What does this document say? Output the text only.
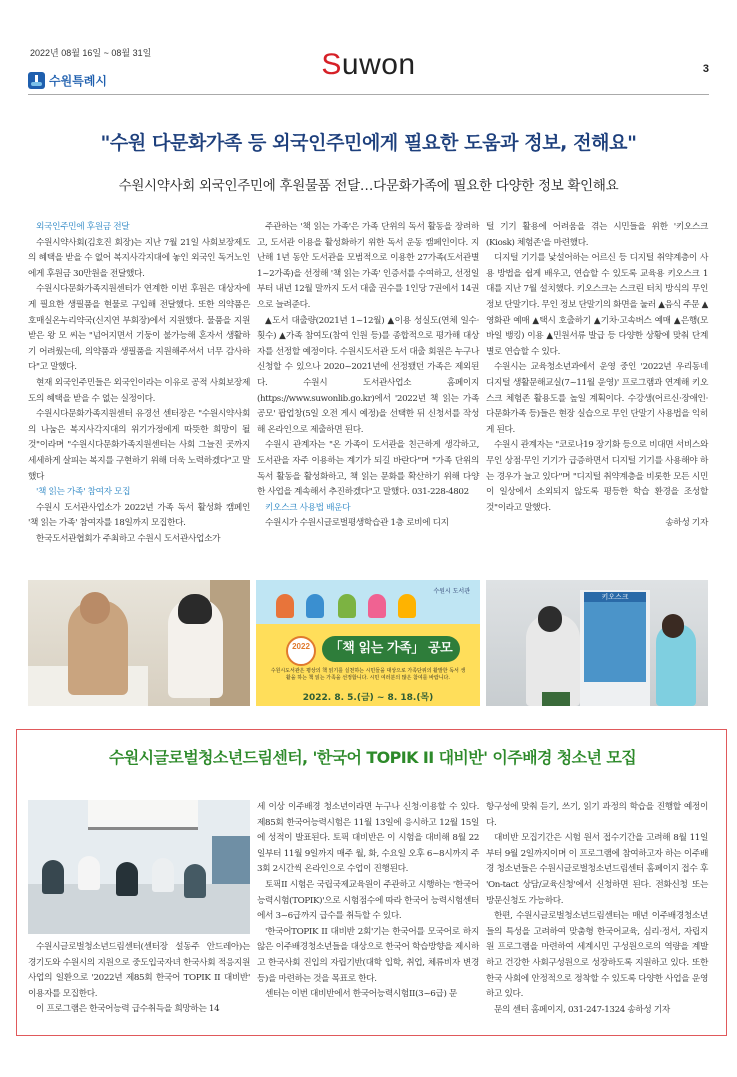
2022년 08월 16일 ~ 08월 31일
수원특례시	Suwon	3
"수원 다문화가족 등 외국인주민에게 필요한 도움과 정보, 전해요"
수원시약사회 외국인주민에 후원물품 전달…다문화가족에 필요한 다양한 정보 확인해요

외국인주민에 후원금 전달

수원시약사회(김호진 회장)는 지난 7월 21일 사회보장제도의 혜택을 받을 수 없어 복지사각지대에 놓인 외국인 독거노인에게 후원금 30만원을 전달했다.

수원시다문화가족지원센터가 연계한 이번 후원은 대상자에게 필요한 생필품을 현물로 구입해 전달했다. 또한 의약품은 호매실온누리약국(신지연 부회장)에서 지원했다. 물품을 지원받은 왕 모 씨는 "넘어지면서 기둥이 불가능해 혼자서 생활하기 어려웠는데, 의약품과 생필품을 지원해주셔서 너무 감사하다"고 말했다.

현재 외국인주민들은 외국인이라는 이유로 공적 사회보장제도의 혜택을 받을 수 없는 실정이다.

수원시다문화가족지원센터 유경선 센터장은 "수원시약사회의 나눔은 복지사각지대의 위기가정에게 따뜻한 희망이 될 것"이라며 "수원시다문화가족지원센터는 사회 그늘진 곳까지 세세하게 살피는 복지를 구현하기 위해 더욱 노력하겠다"고 말했다

'책 읽는 가족' 참여자 모집

수원시 도서관사업소가 2022년 가족 독서 활성화 캠페인 '책 읽는 가족' 참여자를 18일까지 모집한다.

한국도서관협회가 주최하고 수원시 도서관사업소가

주관하는 '책 읽는 가족'은 가족 단위의 독서 활동을 장려하고, 도서관 이용을 활성화하기 위한 독서 운동 캠페인이다. 지난해 1년 동안 도서관을 모범적으로 이용한 27가족(도서관별 1~2가족)을 선정해 '책 읽는 가족' 인증서를 수여하고, 선정일부터 내년 12월 말까지 도서 대출 권수를 1인당 7권에서 14권으로 늘려준다.

▲도서 대출량(2021년 1~12월) ▲이용 성실도(연체 일수·횟수) ▲가족 참여도(참여 인원 등)를 종합적으로 평가해 대상자를 선정할 예정이다. 수원시도서관 도서 대출 회원은 누구나 신청할 수 있으나 2020~2021년에 선정됐던 가족은 제외된다. 수원시 도서관사업소 홈페이지(https://www.suwonlib.go.kr)에서 '2022년 책 읽는 가족 공모' 팝업창(5일 오전 게시 예정)을 선택한 뒤 신청서를 작성해 온라인으로 제출하면 된다.

수원시 관계자는 "온 가족이 도서관을 친근하게 생각하고, 도서관을 자주 이용하는 계기가 되길 바란다"며 "가족 단위의 독서 활동을 활성화하고, 책 읽는 문화를 확산하기 위해 다양한 사업을 계속해서 추진하겠다"고 말했다. 031-228-4802

키오스크 사용법 배운다

수원시가 수원시글로벌평생학습관 1층 로비에 디지

털 기기 활용에 어려움을 겪는 시민들을 위한 '키오스크(Kiosk) 체험존'을 마련했다.

디지털 기기를 낯설어하는 어르신 등 디지털 취약계층이 사용 방법을 쉽게 배우고, 연습할 수 있도록 교육용 키오스크 1대를 지난 7월 설치했다. 키오스크는 스크린 터치 방식의 무인 정보 단말기다. 무인 정보 단말기의 화면을 눌러 ▲음식 주문 ▲영화관 예매 ▲택시 호출하기 ▲기차·고속버스 예매 ▲은행(모바일 뱅킹) 이용 ▲민원서류 발급 등 다양한 상황에 맞춰 단계별로 연습할 수 있다.

수원시는 교육청소년과에서 운영 중인 '2022년 우리동네 디지털 생활문해교실(7~11월 운영)' 프로그램과 연계해 키오스크 체험존 활용도를 높일 계획이다. 수강생(어르신·장애인·다문화가족 등)들은 현장 실습으로 무인 단말기 사용법을 익히게 된다.

수원시 관계자는 "코로나19 장기화 등으로 비대면 서비스와 무인 상점·무인 기기가 급증하면서 디지털 기기를 사용해야 하는 경우가 늘고 있다"며 "디지털 취약계층을 비롯한 모든 시민이 일상에서 소외되지 않도록 평등한 학습 환경을 조성할 것"이라고 말했다.

송하성 기자

수원시 도서관
2022	「책 읽는 가족」 공모
수원시도서관은 평상의 책 읽기를 실천하는 시민들을 대상으로 가족단위의 활발한 독서 생활을 하는 책 읽는 가족을 선정합니다. 시민 여러분의 많은 참여를 바랍니다.
2022. 8. 5.(금) ~ 8. 18.(목)
키오스크
수원시글로벌청소년드림센터, '한국어 TOPIK II 대비반' 이주배경 청소년 모집

수원시글로벌청소년드림센터(센터장 설동주 안드레아)는 경기도와 수원시의 지원으로 중도입국자녀 한국사회 적응지원 사업의 일환으로 '2022년 제85회 한국어 TOPIK II 대비반' 이용자를 모집한다.

이 프로그램은 한국어능력 급수취득을 희망하는 14

세 이상 이주배경 청소년이라면 누구나 신청·이용할 수 있다. 제85회 한국어능력시험은 11월 13일에 응시하고 12월 15일에 성적이 발표된다. 토픽 대비반은 이 시험을 대비해 8월 22일부터 11월 9일까지 매주 월, 화, 수요일 오후 6~8시까지 주 3회 2시간씩 온라인으로 수업이 진행된다.

토픽II 시험은 국립국제교육원이 주관하고 시행하는 '한국어능력시험(TOPIK)'으로 시험점수에 따라 한국어 능력시험센터에서 3~6급까지 급수를 취득할 수 있다.

'한국어TOPIK II 대비반 2회'기는 한국어를 모국어로 하지 않은 이주배경청소년들을 대상으로 한국어 학습방향을 제시하고 한국사회 진입의 자립기반(대학 입학, 취업, 체류비자 변경 등)을 마련하는 것을 목표로 한다.

센터는 이번 대비반에서 한국어능력시험II(3~6급) 문

항구성에 맞춰 듣기, 쓰기, 읽기 과정의 학습을 진행할 예정이다.

대비반 모집기간은 시험 원서 접수기간을 고려해 8월 11일부터 9월 2일까지이며 이 프로그램에 참여하고자 하는 이주배경 청소년들은 수원시글로벌청소년드림센터 홈페이지 접수 후 'On-tact 상담/교육신청'에서 신청하면 된다. 전화신청 또는 방문신청도 가능하다.

한편, 수원시글로벌청소년드림센터는 매년 이주배경청소년들의 특성을 고려하여 맞춤형 한국어교육, 심리·정서, 자립지원 프로그램을 마련하여 세계시민 구성원으로의 역량을 계발하고 건강한 사회구성원으로 성장하도록 지원하고 있다. 또한 한국 사회에 안정적으로 정착할 수 있도록 다양한 사업을 운영하고 있다.

문의 센터 홈페이지, 031-247-1324 송하성 기자
